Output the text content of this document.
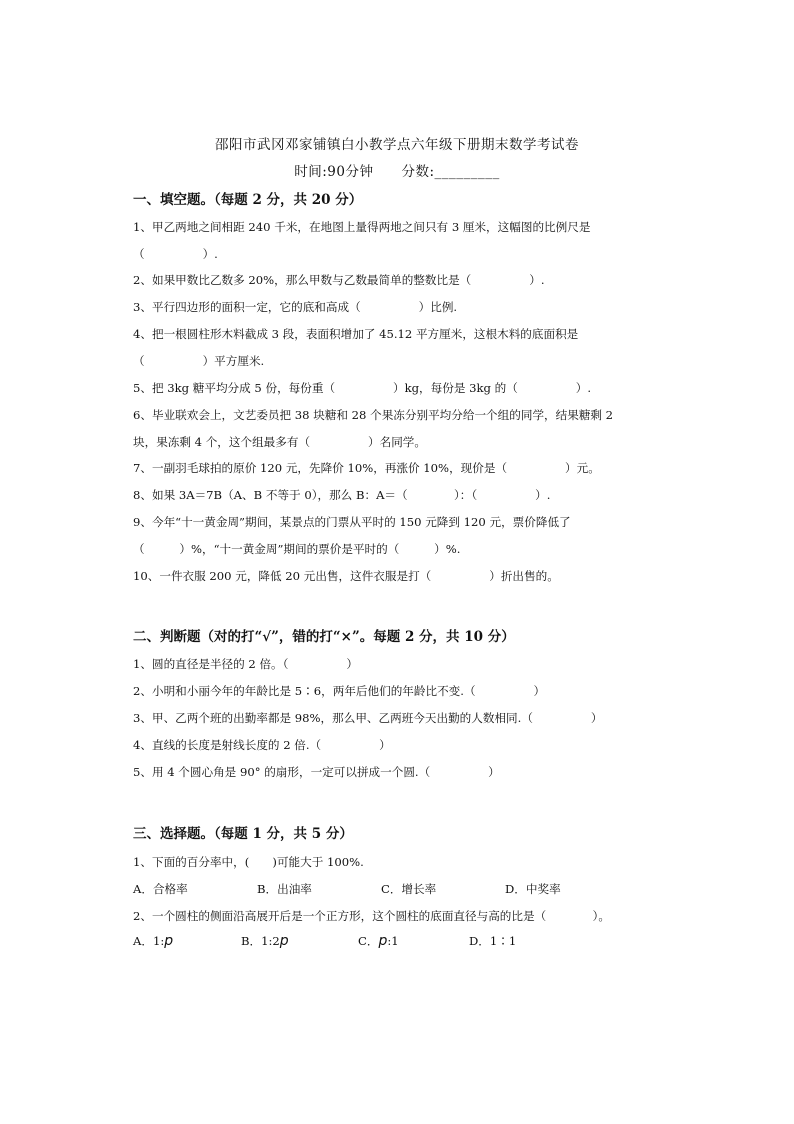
邵阳市武冈邓家铺镇白小教学点六年级下册期末数学考试卷
时间:90分钟　　分数:_________
一、填空题。（每题 2 分，共 20 分）
1、甲乙两地之间相距 240 千米，在地图上量得两地之间只有 3 厘米，这幅图的比例尺是
（　　　　　）.
2、如果甲数比乙数多 20%，那么甲数与乙数最简单的整数比是（　　　　　）.
3、平行四边形的面积一定，它的底和高成（　　　　　）比例.
4、把一根圆柱形木料截成 3 段，表面积增加了 45.12 平方厘米，这根木料的底面积是
（　　　　　）平方厘米.
5、把 3kg 糖平均分成 5 份，每份重（　　　　　）kg，每份是 3kg 的（　　　　　）.
6、毕业联欢会上，文艺委员把 38 块糖和 28 个果冻分别平均分给一个组的同学，结果糖剩 2
块，果冻剩 4 个，这个组最多有（　　　　　）名同学。
7、一副羽毛球拍的原价 120 元，先降价 10%，再涨价 10%，现价是（　　　　　）元。
8、如果 3A＝7B（A、B 不等于 0），那么 B：A＝（　　　　）：（　　　　　）.
9、今年“十一黄金周”期间，某景点的门票从平时的 150 元降到 120 元，票价降低了
（　　　）%，“十一黄金周”期间的票价是平时的（　　　）%.
10、一件衣服 200 元，降低 20 元出售，这件衣服是打（　　　　　）折出售的。
二、判断题（对的打“√”，错的打“×”。每题 2 分，共 10 分）
1、圆的直径是半径的 2 倍。（　　　　　）
2、小明和小丽今年的年龄比是 5∶6，两年后他们的年龄比不变.（　　　　　）
3、甲、乙两个班的出勤率都是 98%，那么甲、乙两班今天出勤的人数相同.（　　　　　）
4、直线的长度是射线长度的 2 倍.（　　　　　）
5、用 4 个圆心角是 90° 的扇形，一定可以拼成一个圆.（　　　　　）
三、选择题。（每题 1 分，共 5 分）
1、下面的百分率中，(　　)可能大于 100%.
A．合格率	B．出油率	C．增长率	D．中奖率
2、一个圆柱的侧面沿高展开后是一个正方形，这个圆柱的底面直径与高的比是（　　　　）。
A．1:p	B．1:2p	C．p:1	D．1∶1
